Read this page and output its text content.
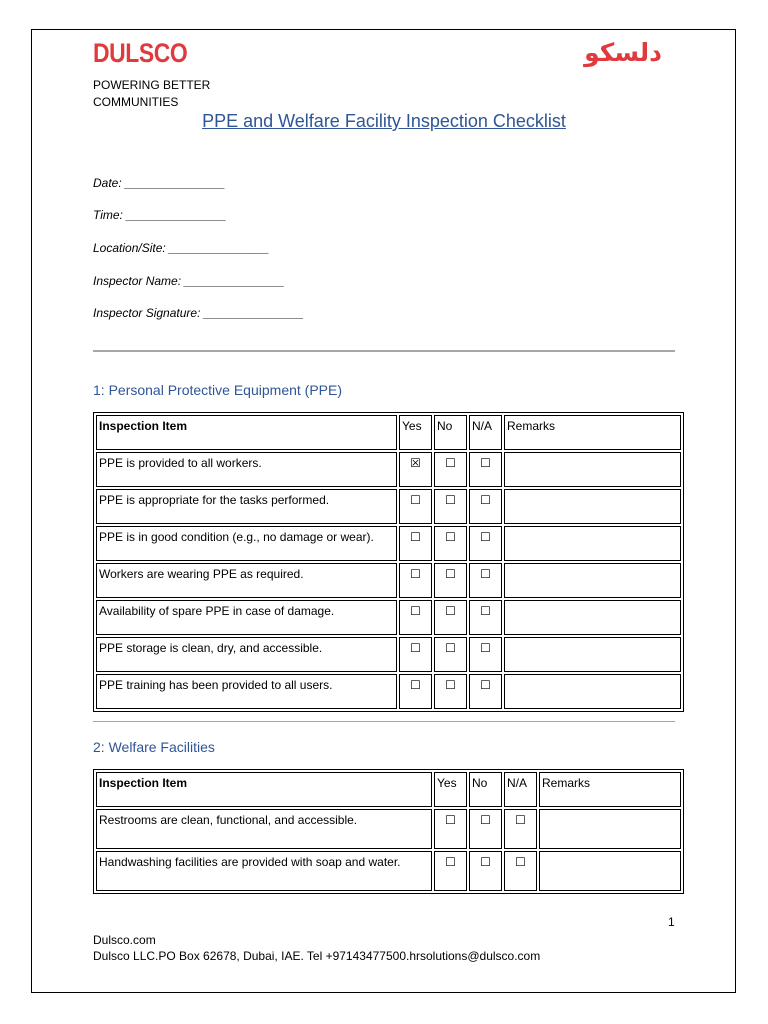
DULSCO	دلسكو
POWERING BETTER
COMMUNITIES
PPE and Welfare Facility Inspection Checklist
Date: _______________
Time: _______________
Location/Site: _______________
Inspector Name: _______________
Inspector Signature: _______________
1: Personal Protective Equipment (PPE)
Inspection Item	Yes	No	N/A	Remarks
PPE is provided to all workers.	☒	☐	☐	
PPE is appropriate for the tasks performed.	☐	☐	☐	
PPE is in good condition (e.g., no damage or wear).	☐	☐	☐	
Workers are wearing PPE as required.	☐	☐	☐	
Availability of spare PPE in case of damage.	☐	☐	☐	
PPE storage is clean, dry, and accessible.	☐	☐	☐	
PPE training has been provided to all users.	☐	☐	☐	
2: Welfare Facilities
Inspection Item	Yes	No	N/A	Remarks
Restrooms are clean, functional, and accessible.	☐	☐	☐	
Handwashing facilities are provided with soap and water.	☐	☐	☐	
1
Dulsco.com
Dulsco LLC.PO Box 62678, Dubai, IAE. Tel +97143477500.hrsolutions@dulsco.com
